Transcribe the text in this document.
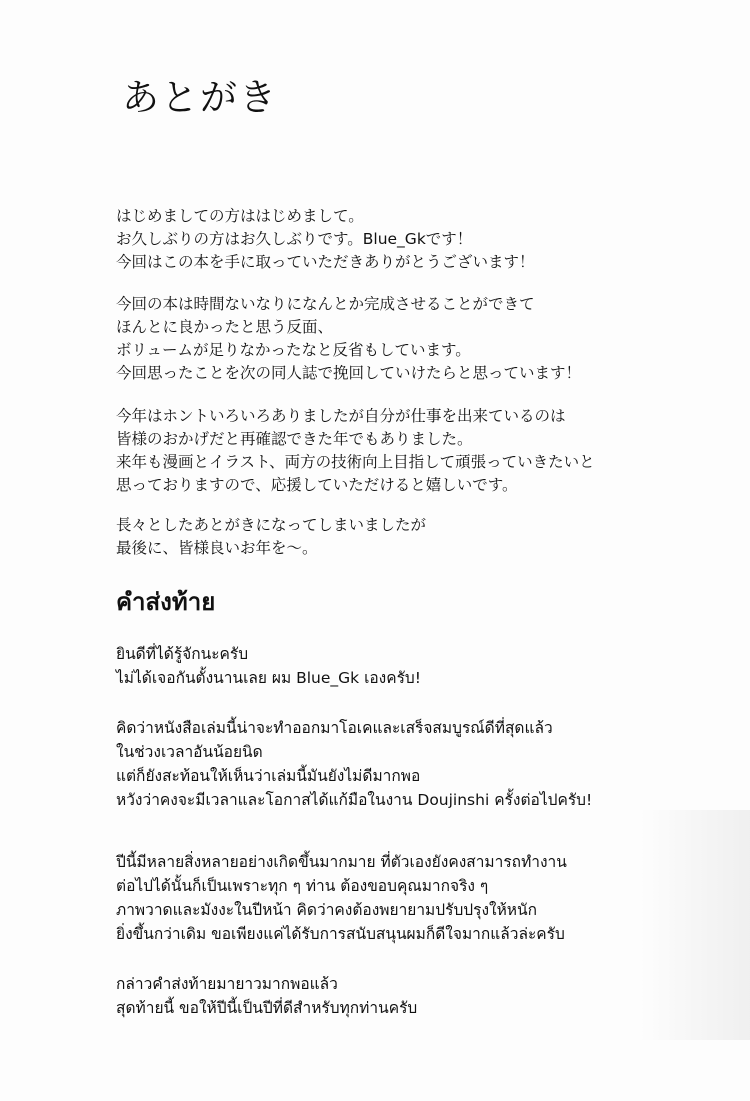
あとがき
はじめましての方ははじめまして。
お久しぶりの方はお久しぶりです。Blue_Gkです！
今回はこの本を手に取っていただきありがとうございます！
今回の本は時間ないなりになんとか完成させることができて
ほんとに良かったと思う反面、
ボリュームが足りなかったなと反省もしています。
今回思ったことを次の同人誌で挽回していけたらと思っています！
今年はホントいろいろありましたが自分が仕事を出来ているのは
皆様のおかげだと再確認できた年でもありました。
来年も漫画とイラスト、両方の技術向上目指して頑張っていきたいと
思っておりますので、応援していただけると嬉しいです。
長々としたあとがきになってしまいましたが
最後に、皆様良いお年を～。
คำส่งท้าย
ยินดีที่ได้รู้จักนะครับ
ไม่ได้เจอกันตั้งนานเลย ผม Blue_Gk เองครับ!
คิดว่าหนังสือเล่มนี้น่าจะทำออกมาโอเคและเสร็จสมบูรณ์ดีที่สุดแล้ว
ในช่วงเวลาอันน้อยนิด
แต่ก็ยังสะท้อนให้เห็นว่าเล่มนี้มันยังไม่ดีมากพอ
หวังว่าคงจะมีเวลาและโอกาสได้แก้มือในงาน Doujinshi ครั้งต่อไปครับ!
ปีนี้มีหลายสิ่งหลายอย่างเกิดขึ้นมากมาย ที่ตัวเองยังคงสามารถทำงาน
ต่อไปได้นั้นก็เป็นเพราะทุก ๆ ท่าน ต้องขอบคุณมากจริง ๆ
ภาพวาดและมังงะในปีหน้า คิดว่าคงต้องพยายามปรับปรุงให้หนัก
ยิ่งขึ้นกว่าเดิม ขอเพียงแค่ได้รับการสนับสนุนผมก็ดีใจมากแล้วล่ะครับ
กล่าวคำส่งท้ายมายาวมากพอแล้ว
สุดท้ายนี้ ขอให้ปีนี้เป็นปีที่ดีสำหรับทุกท่านครับ
